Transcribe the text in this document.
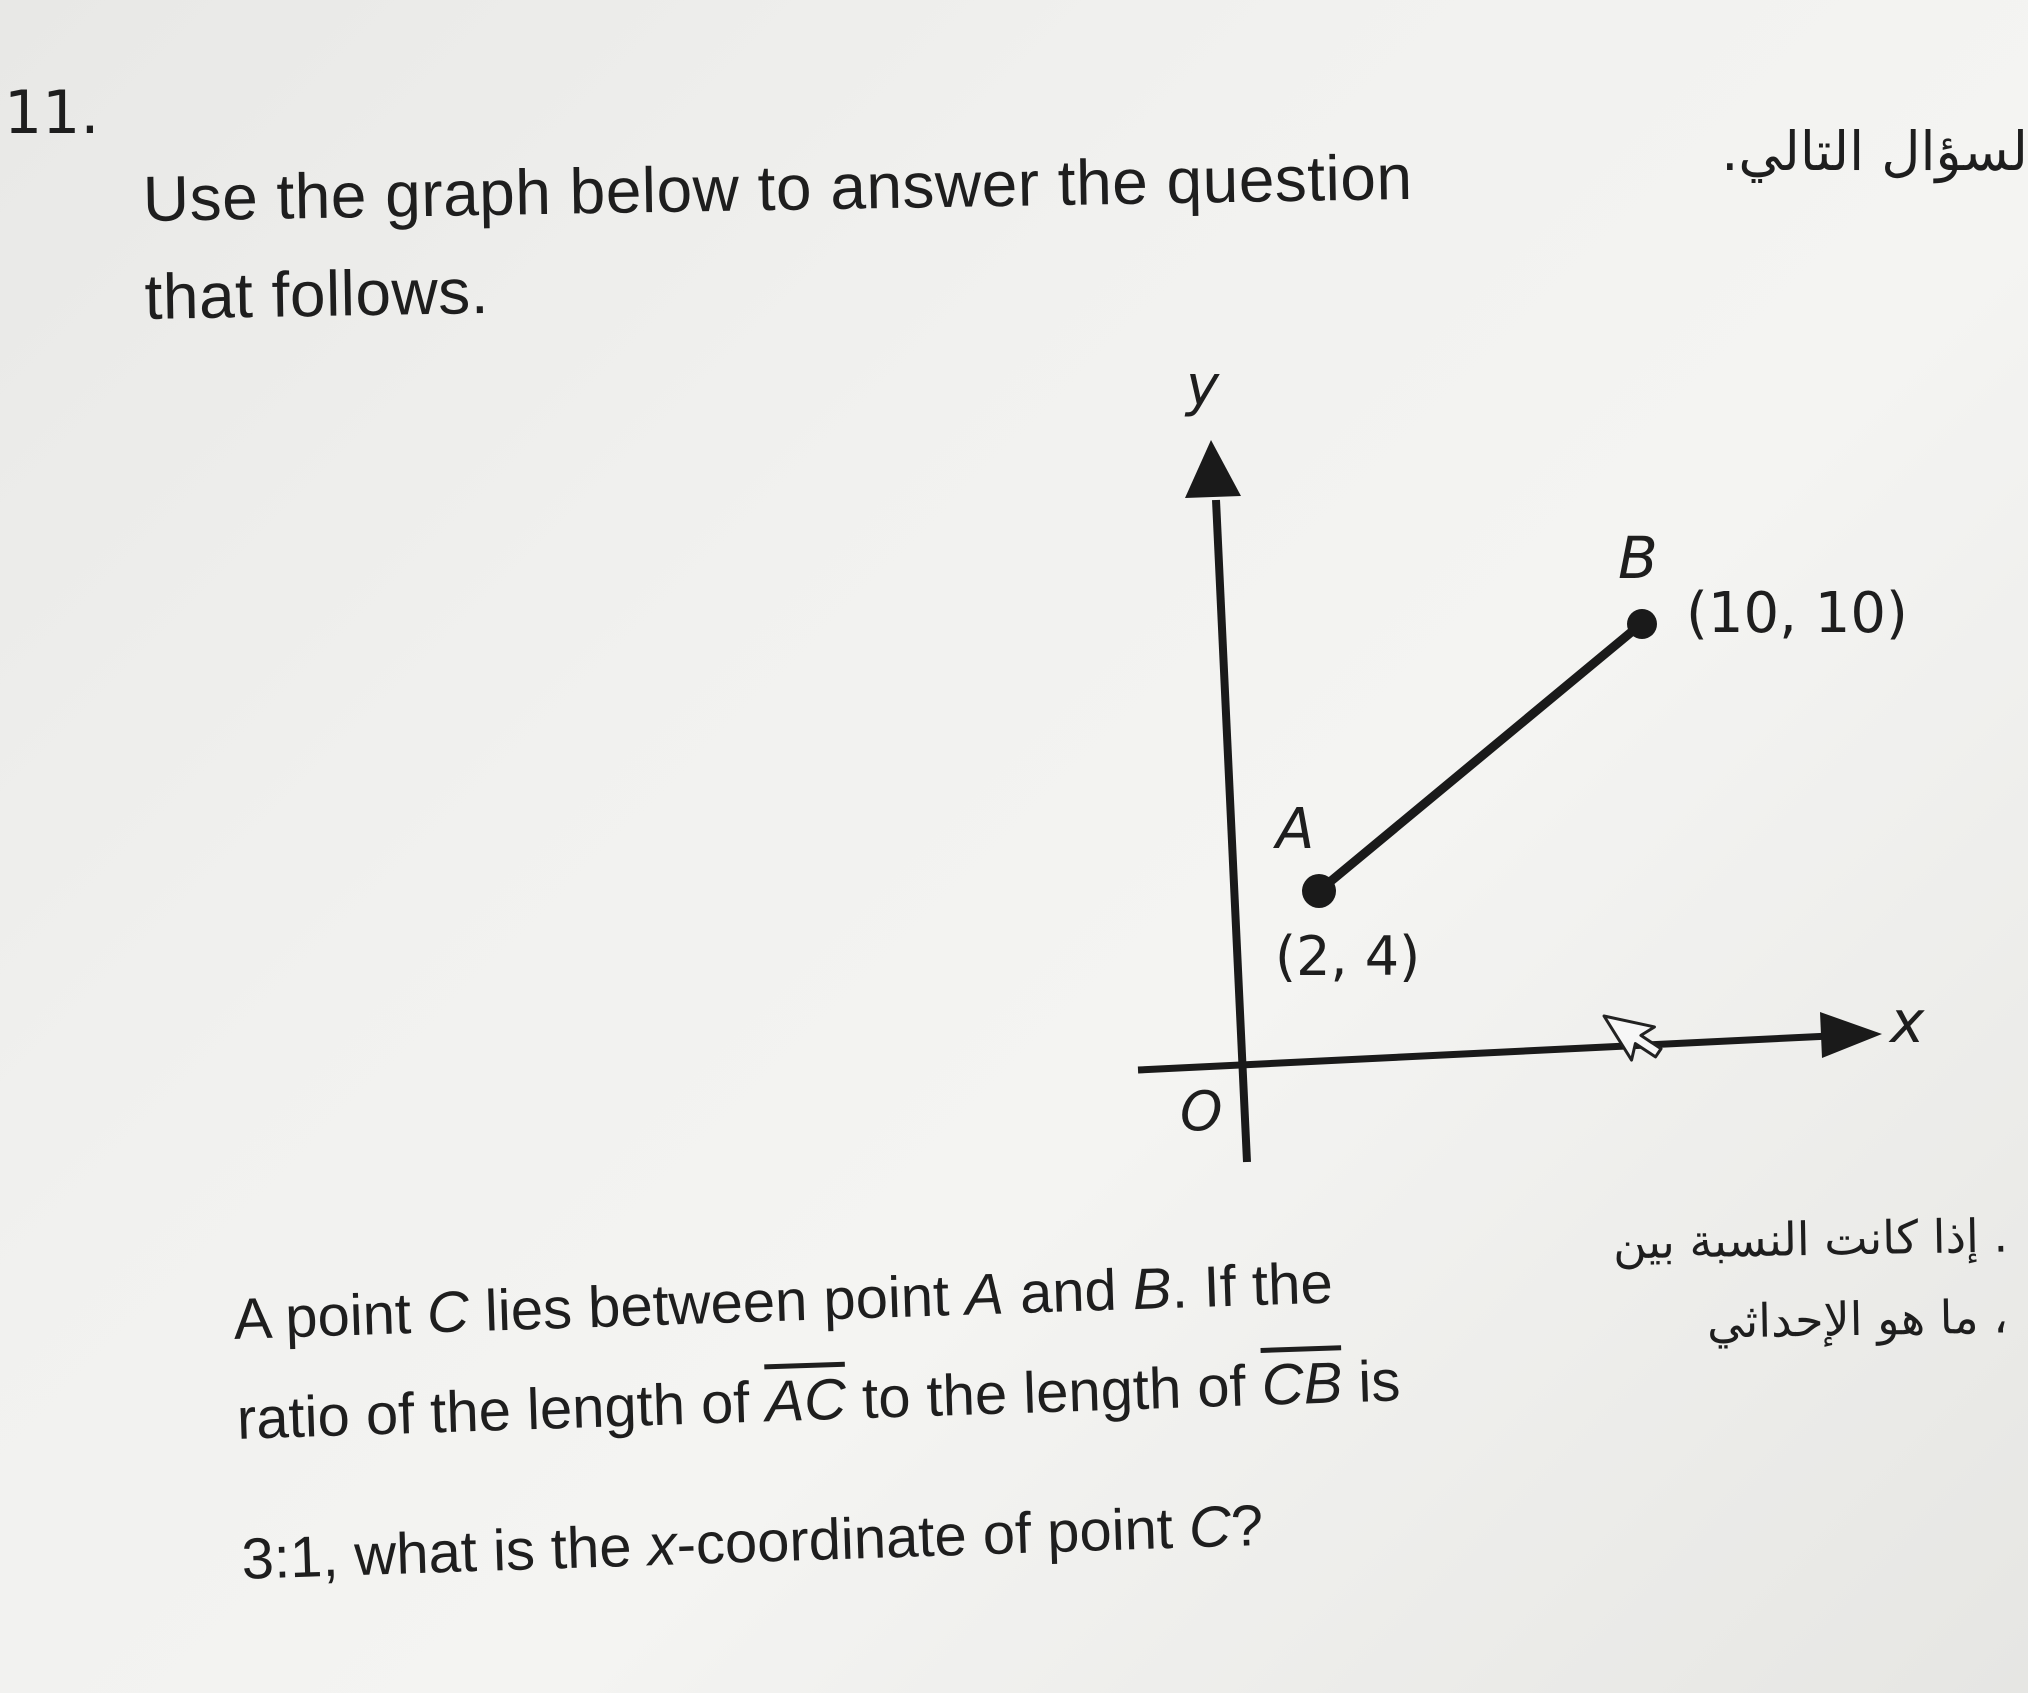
11.
Use the graph below to answer the question
that follows.
لسؤال التالي.
y
x
O
A
(2, 4)
B
(10, 10)
. إذا كانت النسبة بين
، ما هو الإحداثي

A point C lies between point A and B. If the

ratio of the length of $\overline{AC}$ to the length of $\overline{CB}$ is

3:1, what is the x-coordinate of point C?
